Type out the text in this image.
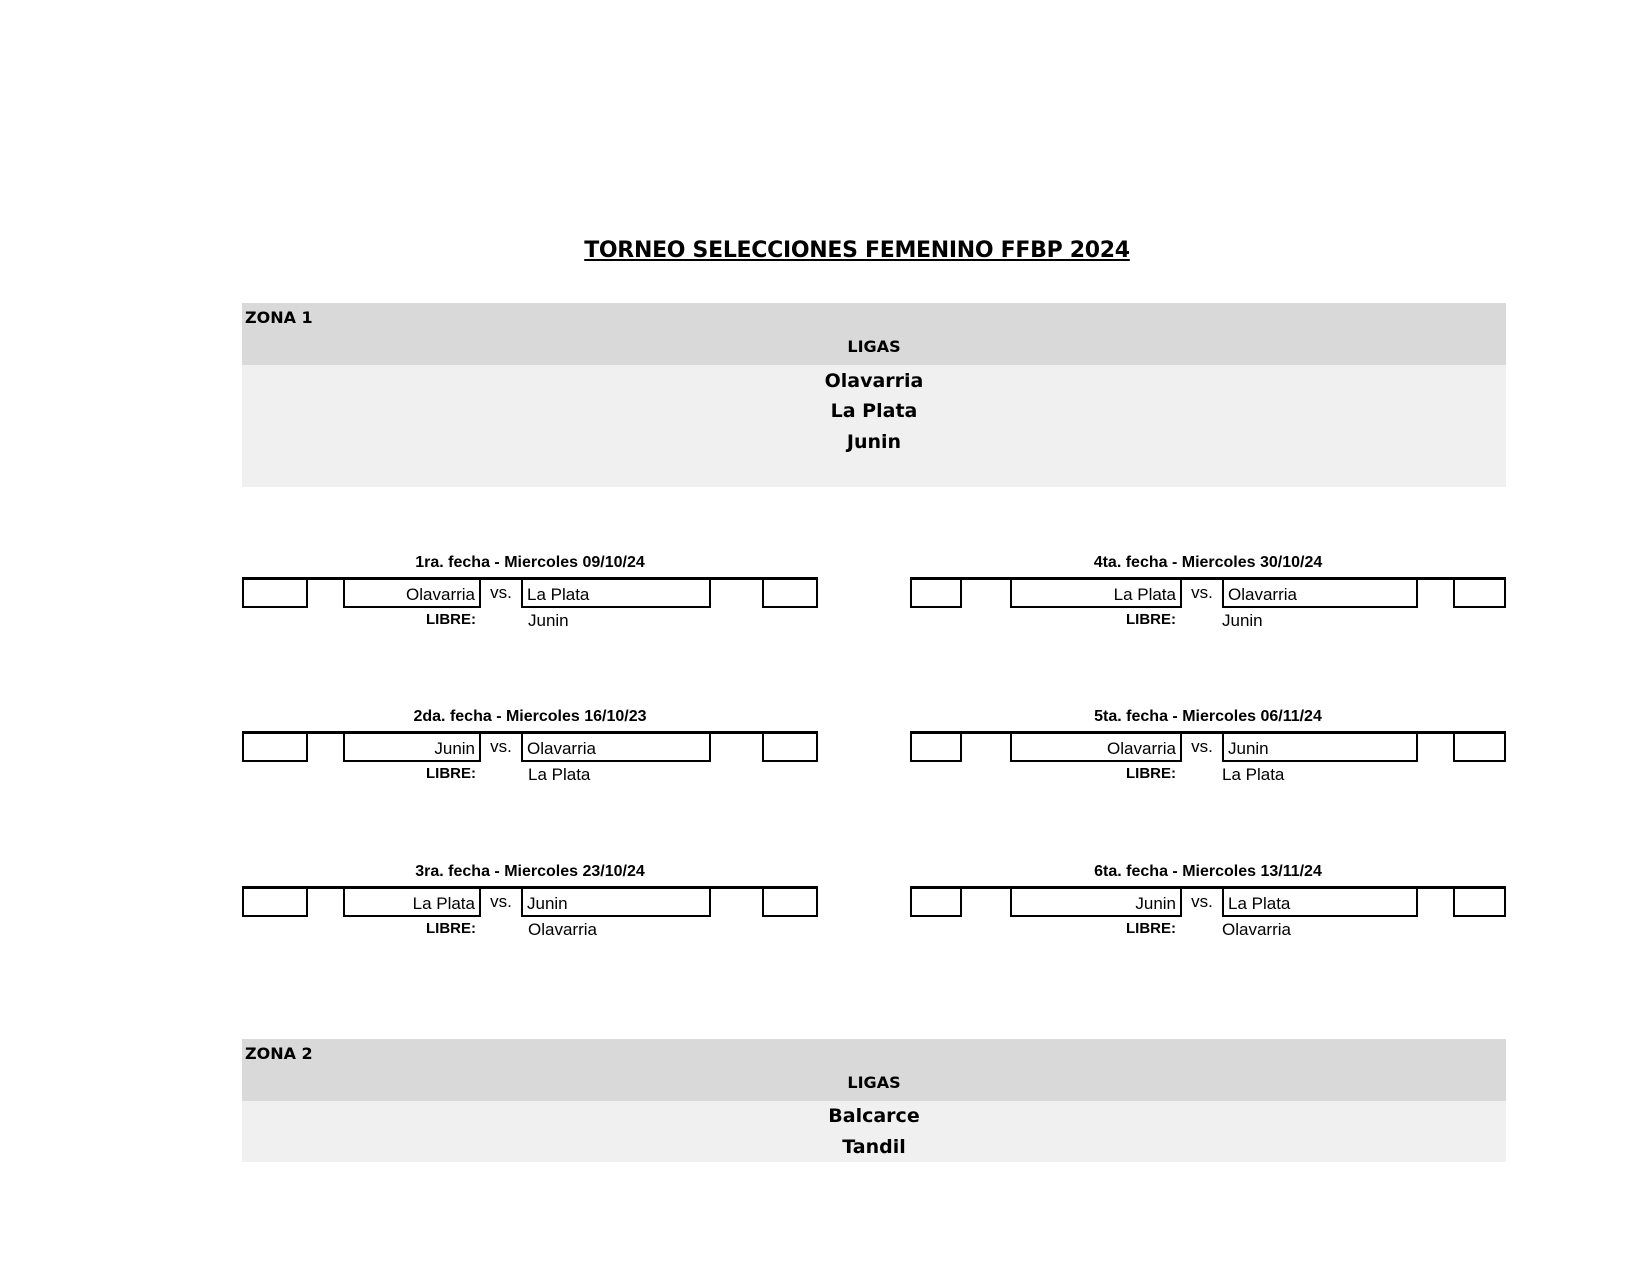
TORNEO SELECCIONES FEMENINO FFBP 2024
ZONA 1
LIGAS
Olavarria
La Plata
Junin
1ra. fecha - Miercoles 09/10/24
Olavarria vs. La Plata
LIBRE:	Junin
2da. fecha - Miercoles 16/10/23
Junin vs. Olavarria
LIBRE:	La Plata
3ra. fecha - Miercoles 23/10/24
La Plata vs. Junin
LIBRE:	Olavarria
4ta. fecha - Miercoles 30/10/24
La Plata vs. Olavarria
LIBRE:	Junin
5ta. fecha - Miercoles 06/11/24
Olavarria vs. Junin
LIBRE:	La Plata
6ta. fecha - Miercoles 13/11/24
Junin vs. La Plata
LIBRE:	Olavarria
ZONA 2
LIGAS
Balcarce
Tandil
